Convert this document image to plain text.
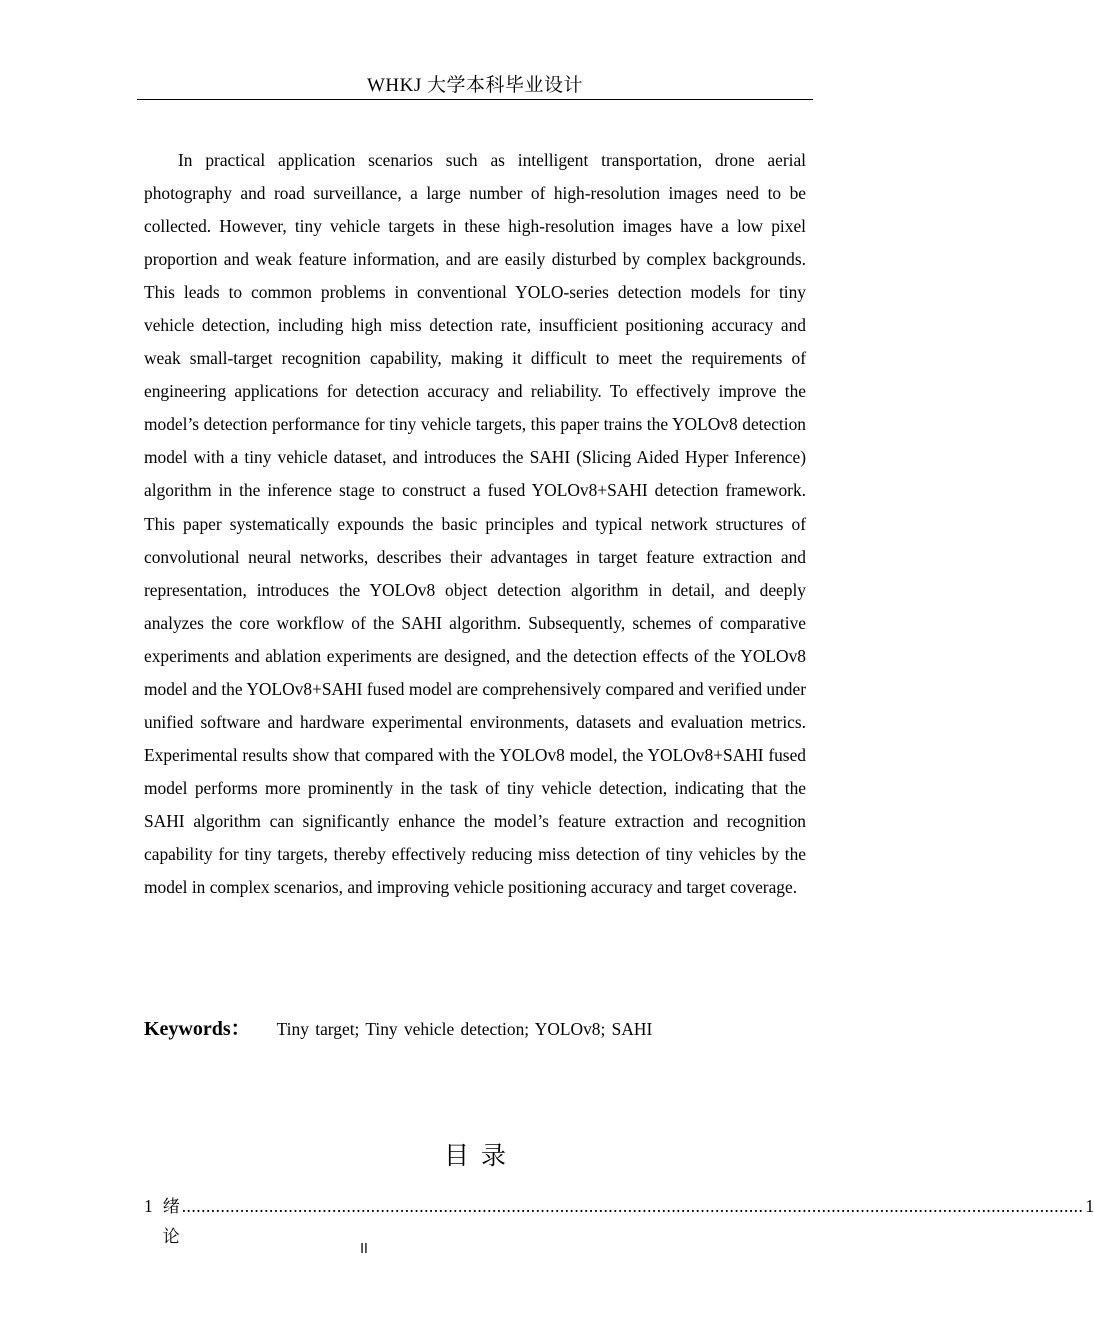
WHKJ 大学本科毕业设计

In practical application scenarios such as intelligent transportation, drone aerial photography and road surveillance, a large number of high-resolution images need to be collected. However, tiny vehicle targets in these high-resolution images have a low pixel proportion and weak feature information, and are easily disturbed by complex backgrounds. This leads to common problems in conventional YOLO-series detection models for tiny vehicle detection, including high miss detection rate, insufficient positioning accuracy and weak small-target recognition capability, making it difficult to meet the requirements of engineering applications for detection accuracy and reliability. To effectively improve the model’s detection performance for tiny vehicle targets, this paper trains the YOLOv8 detection model with a tiny vehicle dataset, and introduces the SAHI (Slicing Aided Hyper Inference) algorithm in the inference stage to construct a fused YOLOv8+SAHI detection framework. This paper systematically expounds the basic principles and typical network structures of convolutional neural networks, describes their advantages in target feature extraction and representation, introduces the YOLOv8 object detection algorithm in detail, and deeply analyzes the core workflow of the SAHI algorithm. Subsequently, schemes of comparative experiments and ablation experiments are designed, and the detection effects of the YOLOv8 model and the YOLOv8+SAHI fused model are comprehensively compared and verified under unified software and hardware experimental environments, datasets and evaluation metrics. Experimental results show that compared with the YOLOv8 model, the YOLOv8+SAHI fused model performs more prominently in the task of tiny vehicle detection, indicating that the SAHI algorithm can significantly enhance the model’s feature extraction and recognition capability for tiny targets, thereby effectively reducing miss detection of tiny vehicles by the model in complex scenarios, and improving vehicle positioning accuracy and target coverage.

Keywords： Tiny target; Tiny vehicle detection; YOLOv8; SAHI
目录
1 绪论
.......................................................................................................................................................................................... 1
II
